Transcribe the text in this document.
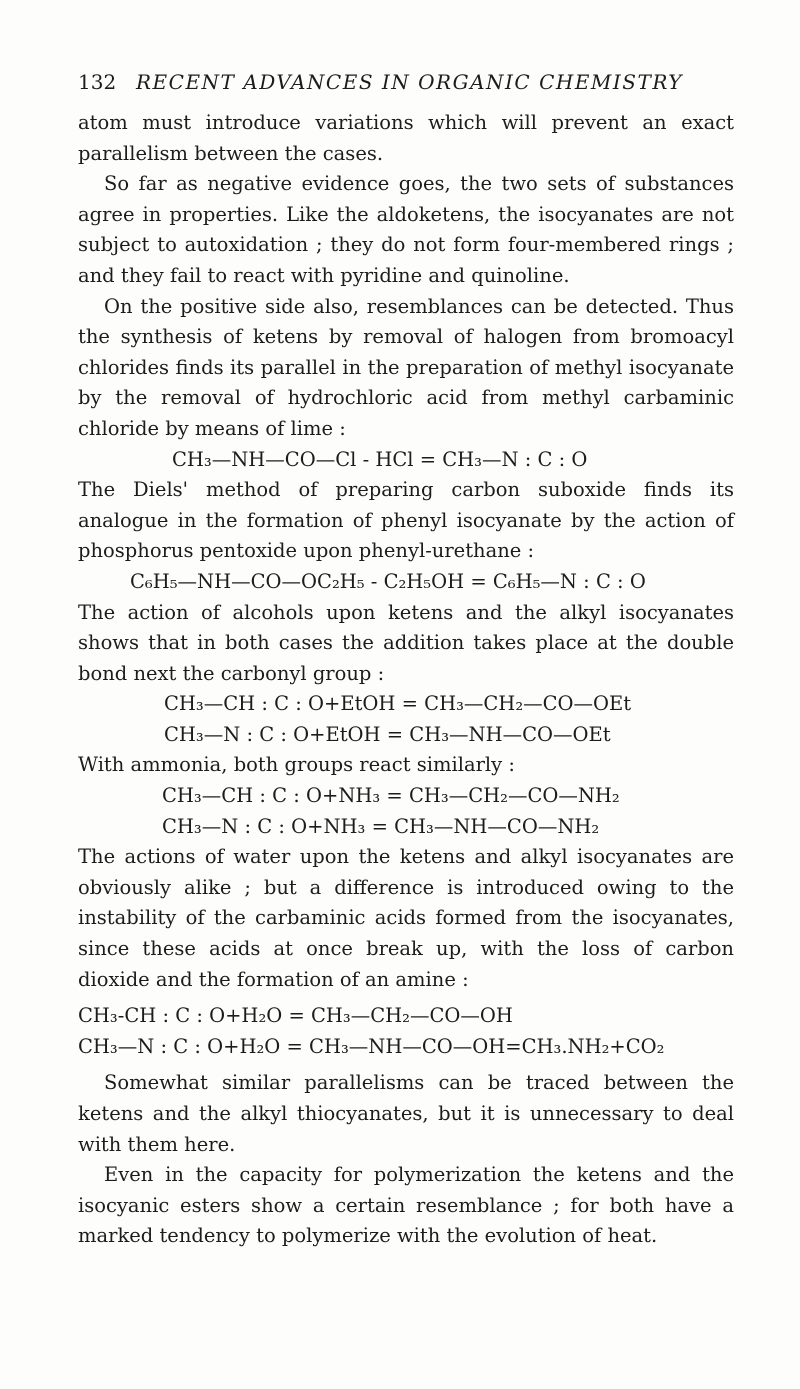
132 RECENT ADVANCES IN ORGANIC CHEMISTRY

atom must introduce variations which will prevent an exact parallelism between the cases.

So far as negative evidence goes, the two sets of substances agree in properties. Like the aldoketens, the isocyanates are not subject to autoxidation ; they do not form four-membered rings ; and they fail to react with pyridine and quinoline.

On the positive side also, resemblances can be detected. Thus the synthesis of ketens by removal of halogen from bromoacyl chlorides finds its parallel in the preparation of methyl isocyanate by the removal of hydrochloric acid from methyl carbaminic chloride by means of lime :

CH₃—NH—CO—Cl - HCl = CH₃—N : C : O

The Diels' method of preparing carbon suboxide finds its analogue in the formation of phenyl isocyanate by the action of phosphorus pentoxide upon phenyl-urethane :

C₆H₅—NH—CO—OC₂H₅ - C₂H₅OH = C₆H₅—N : C : O

The action of alcohols upon ketens and the alkyl isocyanates shows that in both cases the addition takes place at the double bond next the carbonyl group :

CH₃—CH : C : O+EtOH = CH₃—CH₂—CO—OEt
CH₃—N : C : O+EtOH = CH₃—NH—CO—OEt

With ammonia, both groups react similarly :

CH₃—CH : C : O+NH₃ = CH₃—CH₂—CO—NH₂
CH₃—N : C : O+NH₃ = CH₃—NH—CO—NH₂

The actions of water upon the ketens and alkyl isocyanates are obviously alike ; but a difference is introduced owing to the instability of the carbaminic acids formed from the isocyanates, since these acids at once break up, with the loss of carbon dioxide and the formation of an amine :

CH₃-CH : C : O+H₂O = CH₃—CH₂—CO—OH
CH₃—N : C : O+H₂O = CH₃—NH—CO—OH=CH₃.NH₂+CO₂

Somewhat similar parallelisms can be traced between the ketens and the alkyl thiocyanates, but it is unnecessary to deal with them here.

Even in the capacity for polymerization the ketens and the isocyanic esters show a certain resemblance ; for both have a marked tendency to polymerize with the evolution of heat.
